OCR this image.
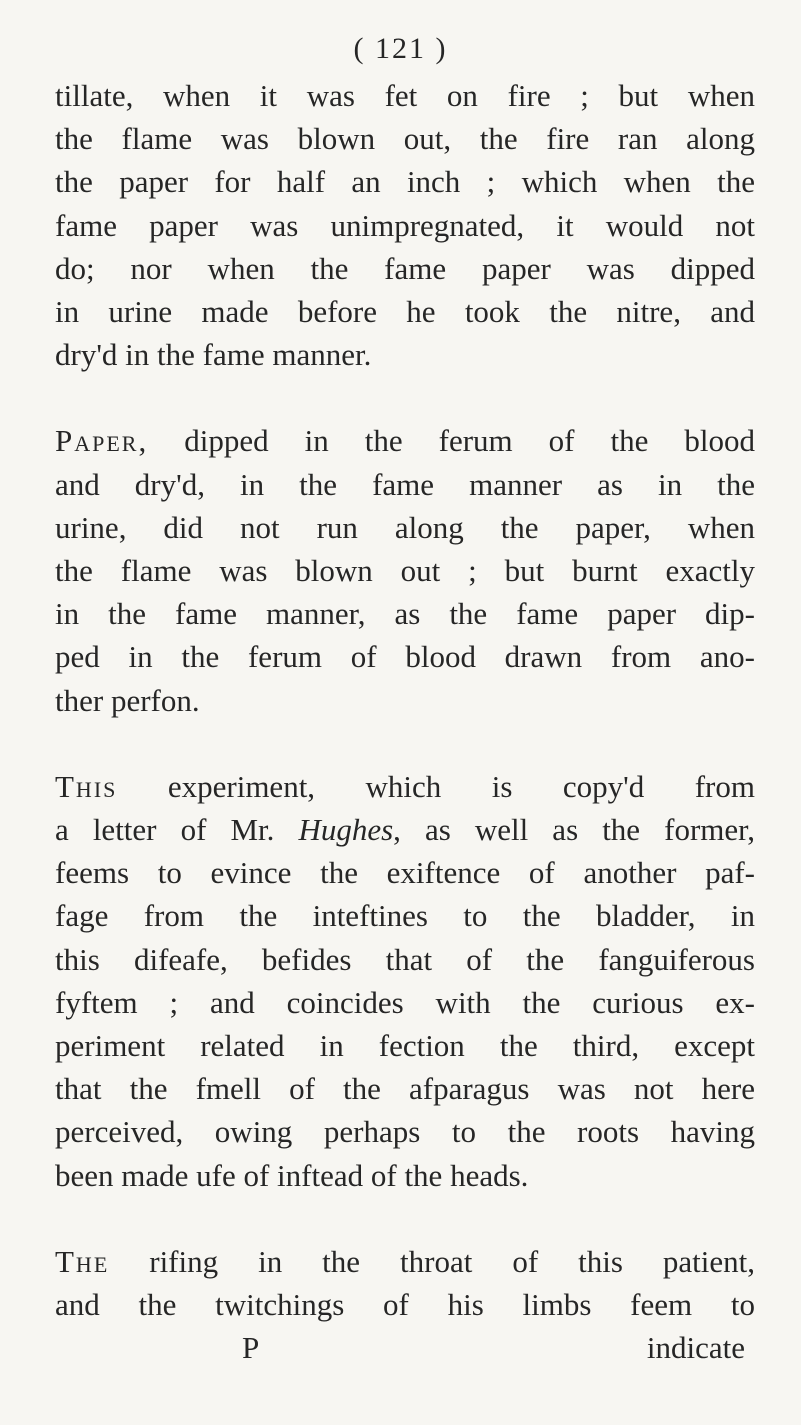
( 121 )
tillate, when it was fet on fire ; but when
the flame was blown out, the fire ran along
the paper for half an inch ; which when the
fame paper was unimpregnated, it would not
do; nor when the fame paper was dipped
in urine made before he took the nitre, and
dry'd in the fame manner.
Paper, dipped in the ferum of the blood
and dry'd, in the fame manner as in the
urine, did not run along the paper, when
the flame was blown out ; but burnt exactly
in the fame manner, as the fame paper dip-
ped in the ferum of blood drawn from ano-
ther perfon.
This experiment, which is copy'd from
a letter of Mr. Hughes, as well as the former,
feems to evince the exiftence of another paf-
fage from the inteftines to the bladder, in
this difeafe, befides that of the fanguiferous
fyftem ; and coincides with the curious ex-
periment related in fection the third, except
that the fmell of the afparagus was not here
perceived, owing perhaps to the roots having
been made ufe of inftead of the heads.
The rifing in the throat of this patient,
and the twitchings of his limbs feem to
P	indicate
